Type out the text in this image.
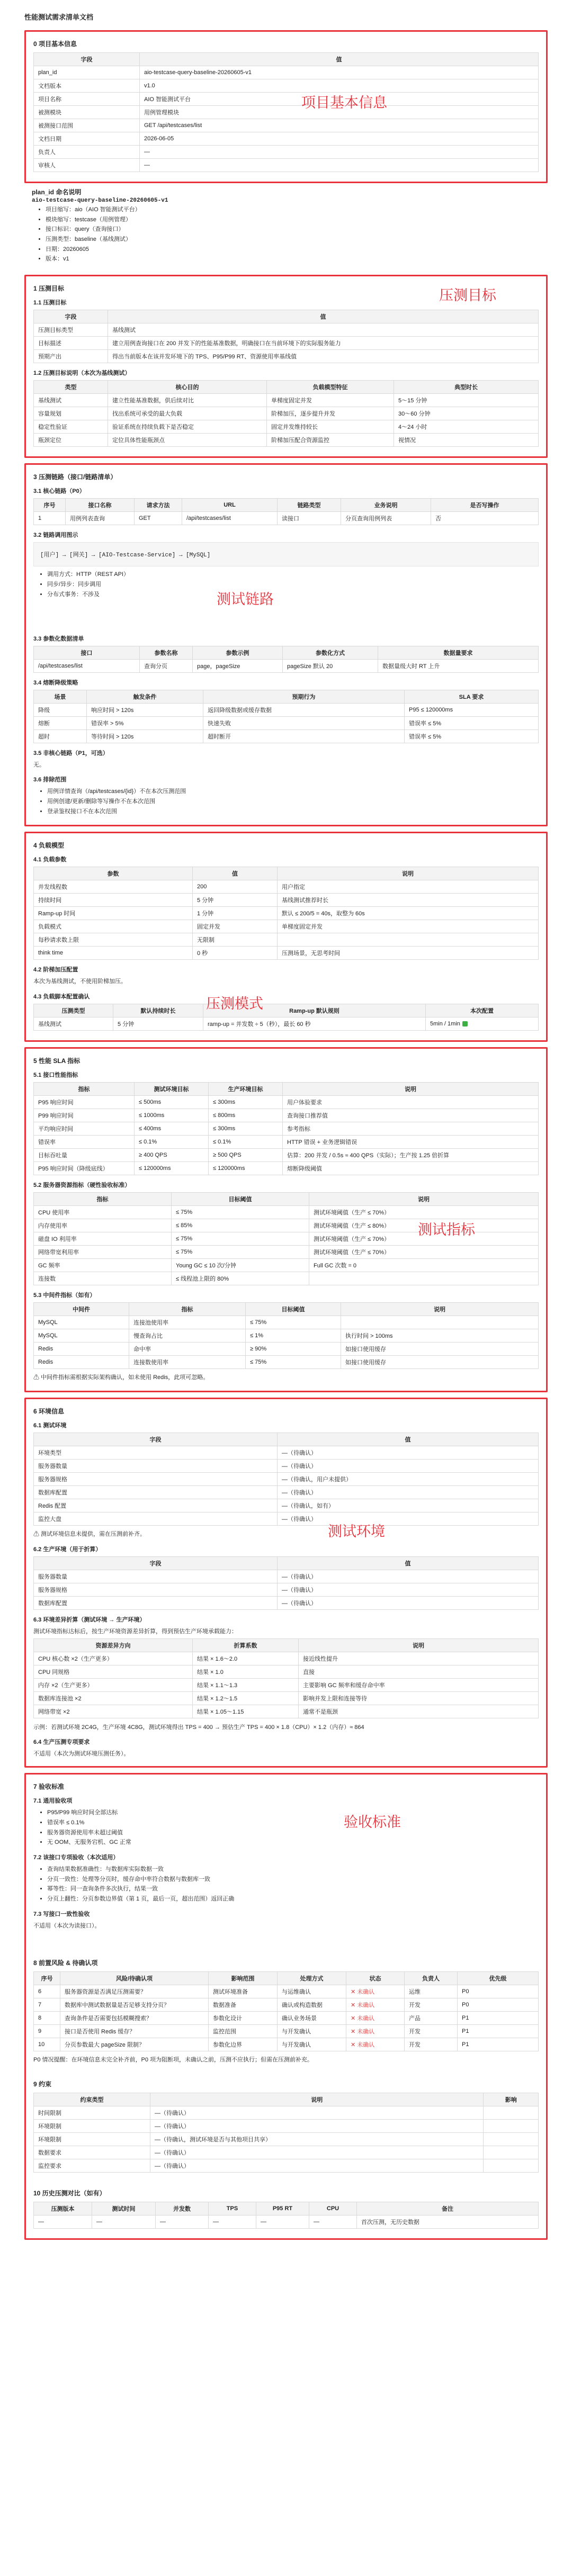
性能测试需求清单文档
项目基本信息
0 项目基本信息
字段	值
plan_id	aio-testcase-query-baseline-20260605-v1
文档版本	v1.0
项目名称	AIO 智能测试平台
被测模块	用例管理模块
被测接口范围	GET /api/testcases/list
文档日期	2026-06-05
负责人	—
审核人	—
plan_id 命名说明
aio-testcase-query-baseline-20260605-v1
• 项目缩写：aio（AIO 智能测试平台）
• 模块缩写：testcase（用例管理）
• 接口标识：query（查询接口）
• 压测类型：baseline（基线测试）
• 日期：20260605
• 版本：v1
压测目标
1 压测目标
1.1 压测目标
字段	值
压测目标类型	基线测试
目标描述	建立用例查询接口在 200 并发下的性能基准数据，明确接口在当前环境下的实际服务能力
预期产出	得出当前版本在该并发环境下的 TPS、P95/P99 RT、资源使用率基线值
1.2 压测目标说明（本次为基线测试）
类型	核心目的	负载模型特征	典型时长
基线测试	建立性能基准数据，供后续对比	单梯度固定并发	5～15 分钟
容量规划	找出系统可承受的最大负载	阶梯加压，逐步提升并发	30～60 分钟
稳定性验证	验证系统在持续负载下是否稳定	固定并发维持较长	4～24 小时
瓶颈定位	定位具体性能瓶颈点	阶梯加压配合资源监控	视情况
测试链路
3 压测链路（接口/链路清单）
3.1 核心链路（P0）
序号	接口名称	请求方法	URL	链路类型	业务说明	是否写操作
1	用例列表查询	GET	/api/testcases/list	读接口	分页查询用例列表	否
3.2 链路调用图示
[用户] → [网关] → [AIO-Testcase-Service] → [MySQL]
• 调用方式：HTTP（REST API）
• 同步/异步：同步调用
• 分布式事务：不涉及
3.3 参数化数据清单
接口	参数名称	参数示例	参数化方式	数据量要求
/api/testcases/list	查询分页	page，pageSize	pageSize 默认 20	数据量级大时 RT 上升
3.4 熔断降级策略
场景	触发条件	预期行为	SLA 要求
降级	响应时间 > 120s	返回降级数据或缓存数据	P95 ≤ 120000ms
熔断	错误率 > 5%	快速失败	错误率 ≤ 5%
超时	等待时间 > 120s	超时断开	错误率 ≤ 5%
3.5 非核心链路（P1，可选）

无。

3.6 排除范围
• 用例详情查询（/api/testcases/{id}）不在本次压测范围
• 用例创建/更新/删除等写操作不在本次范围
• 登录鉴权接口不在本次范围
压测模式
4 负载模型
4.1 负载参数
参数	值	说明
并发线程数	200	用户指定
持续时间	5 分钟	基线测试推荐时长
Ramp-up 时间	1 分钟	默认 ≤ 200/5 = 40s，取整为 60s
负载模式	固定并发	单梯度固定并发
每秒请求数上限	无限制	
think time	0 秒	压测场景，无思考时间
4.2 阶梯加压配置

本次为基线测试，不使用阶梯加压。

4.3 负载脚本配置确认
压测类型	默认持续时长	Ramp-up 默认规则	本次配置
基线测试	5 分钟	ramp-up = 并发数 ÷ 5（秒），最长 60 秒	5min / 1min
测试指标
5 性能 SLA 指标
5.1 接口性能指标
指标	测试环境目标	生产环境目标	说明
P95 响应时间	≤ 500ms	≤ 300ms	用户体验要求
P99 响应时间	≤ 1000ms	≤ 800ms	查询接口推荐值
平均响应时间	≤ 400ms	≤ 300ms	参考指标
错误率	≤ 0.1%	≤ 0.1%	HTTP 错误 + 业务逻辑错误
目标吞吐量	≥ 400 QPS	≥ 500 QPS	估算：200 并发 / 0.5s ≈ 400 QPS（实际）；生产按 1.25 倍折算
P95 响应时间（降级底线）	≤ 120000ms	≤ 120000ms	熔断降级阈值
5.2 服务器资源指标（硬性验收标准）
指标	目标阈值	说明
CPU 使用率	≤ 75%	测试环境阈值（生产 ≤ 70%）
内存使用率	≤ 85%	测试环境阈值（生产 ≤ 80%）
磁盘 IO 利用率	≤ 75%	测试环境阈值（生产 ≤ 70%）
网络带宽利用率	≤ 75%	测试环境阈值（生产 ≤ 70%）
GC 频率	Young GC ≤ 10 次/分钟	Full GC 次数 = 0
连接数	≤ 线程池上限的 80%	
5.3 中间件指标（如有）
中间件	指标	目标阈值	说明
MySQL	连接池使用率	≤ 75%	
MySQL	慢查询占比	≤ 1%	执行时间 > 100ms
Redis	命中率	≥ 90%	如接口使用缓存
Redis	连接数使用率	≤ 75%	如接口使用缓存

⚠ 中间件指标需根据实际架构确认，如未使用 Redis，此项可忽略。

测试环境
6 环境信息
6.1 测试环境
字段	值
环境类型	—（待确认）
服务器数量	—（待确认）
服务器规格	—（待确认，用户未提供）
数据库配置	—（待确认）
Redis 配置	—（待确认，如有）
监控大盘	—（待确认）

⚠ 测试环境信息未提供，需在压测前补齐。

6.2 生产环境（用于折算）
字段	值
服务器数量	—（待确认）
服务器规格	—（待确认）
数据库配置	—（待确认）
6.3 环境差异折算（测试环境 → 生产环境）

测试环境指标达标后，按生产环境资源差异折算，得到预估生产环境承载能力：

资源差异方向	折算系数	说明
CPU 核心数 ×2（生产更多）	结果 × 1.6～2.0	接近线性提升
CPU 同规格	结果 × 1.0	直接
内存 ×2（生产更多）	结果 × 1.1～1.3	主要影响 GC 频率和缓存命中率
数据库连接池 ×2	结果 × 1.2～1.5	影响并发上限和连接等待
网络带宽 ×2	结果 × 1.05～1.15	通常不是瓶颈

示例：若测试环境 2C4G，生产环境 4C8G，测试环境得出 TPS = 400 → 预估生产 TPS = 400 × 1.8（CPU）× 1.2（内存）≈ 864

6.4 生产压测专项要求

不适用（本次为测试环境压测任务）。

验收标准
7 验收标准
7.1 通用验收项
• P95/P99 响应时间全部达标
• 错误率 ≤ 0.1%
• 服务器资源使用率未超过阈值
• 无 OOM、无服务宕机、GC 正常
7.2 该接口专项验收（本次适用）
• 查询结果数据准确性：与数据库实际数据一致
• 分页一致性：处理等分页时，缓存命中率符合数据与数据库一致
• 幂等性：同一查询条件多次执行，结果一致
• 分页上翻性：分页参数边界值（第 1 页，最后一页，超出范围）返回正确
7.3 写接口一致性验收

不适用（本次为读接口）。

8 前置风险 & 待确认项
序号	风险/待确认项	影响范围	处理方式	状态	负责人	优先级
6	服务器资源是否满足压测需要？	测试环境准备	与运维确认	✕ 未确认	运维	P0
7	数据库中测试数据量是否足够支持分页？	数据准备	确认或构造数据	✕ 未确认	开发	P0
8	查询条件是否需要包括模糊搜索？	参数化设计	确认业务场景	✕ 未确认	产品	P1
9	接口是否使用 Redis 缓存？	监控范围	与开发确认	✕ 未确认	开发	P1
10	分页参数最大 pageSize 限制？	参数化边界	与开发确认	✕ 未确认	开发	P1

P0 情况提醒：在环境信息未完全补齐前，P0 项为阻断项，未确认之前，压测不应执行；但需在压测前补充。

9 约束
约束类型	说明	影响
时间限制	—（待确认）	
环境限制	—（待确认）	
环境限制	—（待确认，测试环境是否与其他项目共享）	
数据要求	—（待确认）	
监控要求	—（待确认）	
10 历史压测对比（如有）
压测版本	测试时间	并发数	TPS	P95 RT	CPU	备注
—	—	—	—	—	—	首次压测，无历史数据
